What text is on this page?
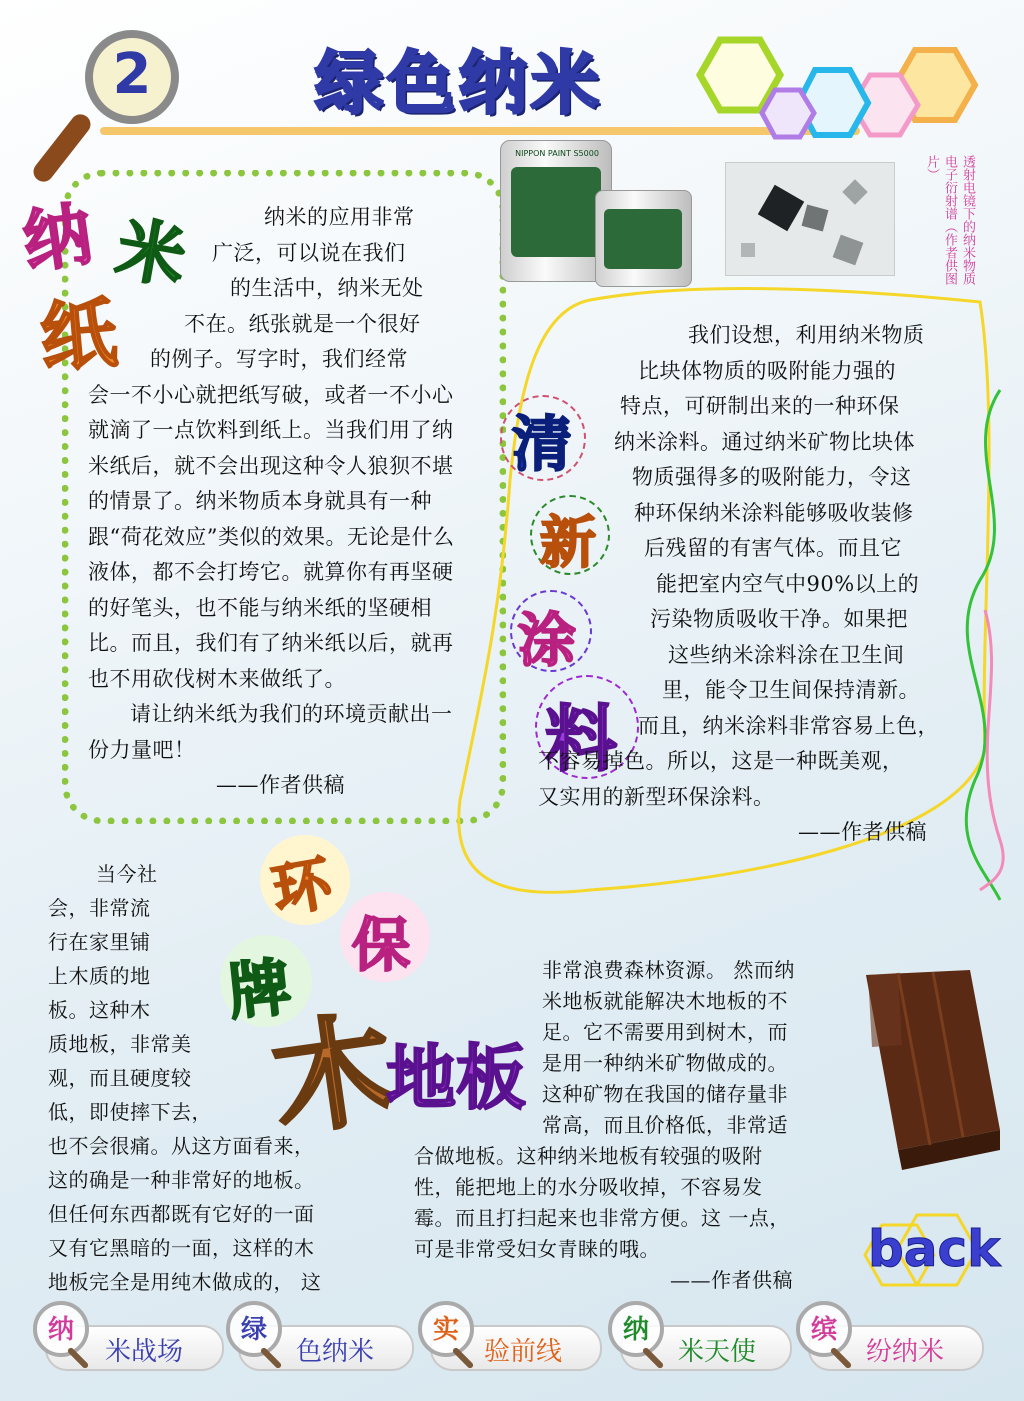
2 绿色纳米
纳 米
纸
纳米的应用非常
广泛，可以说在我们
的生活中，纳米无处
不在。纸张就是一个很好
的例子。写字时，我们经常
会一不小心就把纸写破，或者一不小心就滴了一点饮料到纸上。当我们用了纳米纸后，就不会出现这种令人狼狈不堪的情景了。纳米物质本身就具有一种跟“荷花效应”类似的效果。无论是什么液体，都不会打垮它。就算你有再坚硬的好笔头，也不能与纳米纸的坚硬相比。而且，我们有了纳米纸以后，就再也不用砍伐树木来做纸了。
请让纳米纸为我们的环境贡献出一份力量吧！
——作者供稿
NIPPON PAINT S5000
透射电镜下的纳米物质电子衍射谱（作者供图片）
清
新
涂
料
我们设想，利用纳米物质
比块体物质的吸附能力强的
特点，可研制出来的一种环保
纳米涂料。通过纳米矿物比块体
物质强得多的吸附能力，令这
种环保纳米涂料能够吸收装修
后残留的有害气体。而且它
能把室内空气中90%以上的
污染物质吸收干净。如果把
这些纳米涂料涂在卫生间
里，能令卫生间保持清新。
而且，纳米涂料非常容易上色，
不容易掉色。所以，这是一种既美观，
又实用的新型环保涂料。
——作者供稿
环
保
牌
木
地板
当今社
会，非常流
行在家里铺
上木质的地
板。这种木
质地板，非常美
观，而且硬度较
低，即使摔下去，
也不会很痛。从这方面看来，
这的确是一种非常好的地板。
但任何东西都既有它好的一面
又有它黑暗的一面，这样的木
地板完全是用纯木做成的， 这
非常浪费森林资源。 然而纳
米地板就能解决木地板的不
足。它不需要用到树木，而
是用一种纳米矿物做成的。
这种矿物在我国的储存量非
常高，而且价格低，非常适
合做地板。这种纳米地板有较强的吸附
性，能把地上的水分吸收掉，不容易发
霉。而且打扫起来也非常方便。这 一点，
可是非常受妇女青睐的哦。
——作者供稿
back
纳
米战场
绿
色纳米
实
验前线
纳
米天使
缤
纷纳米
